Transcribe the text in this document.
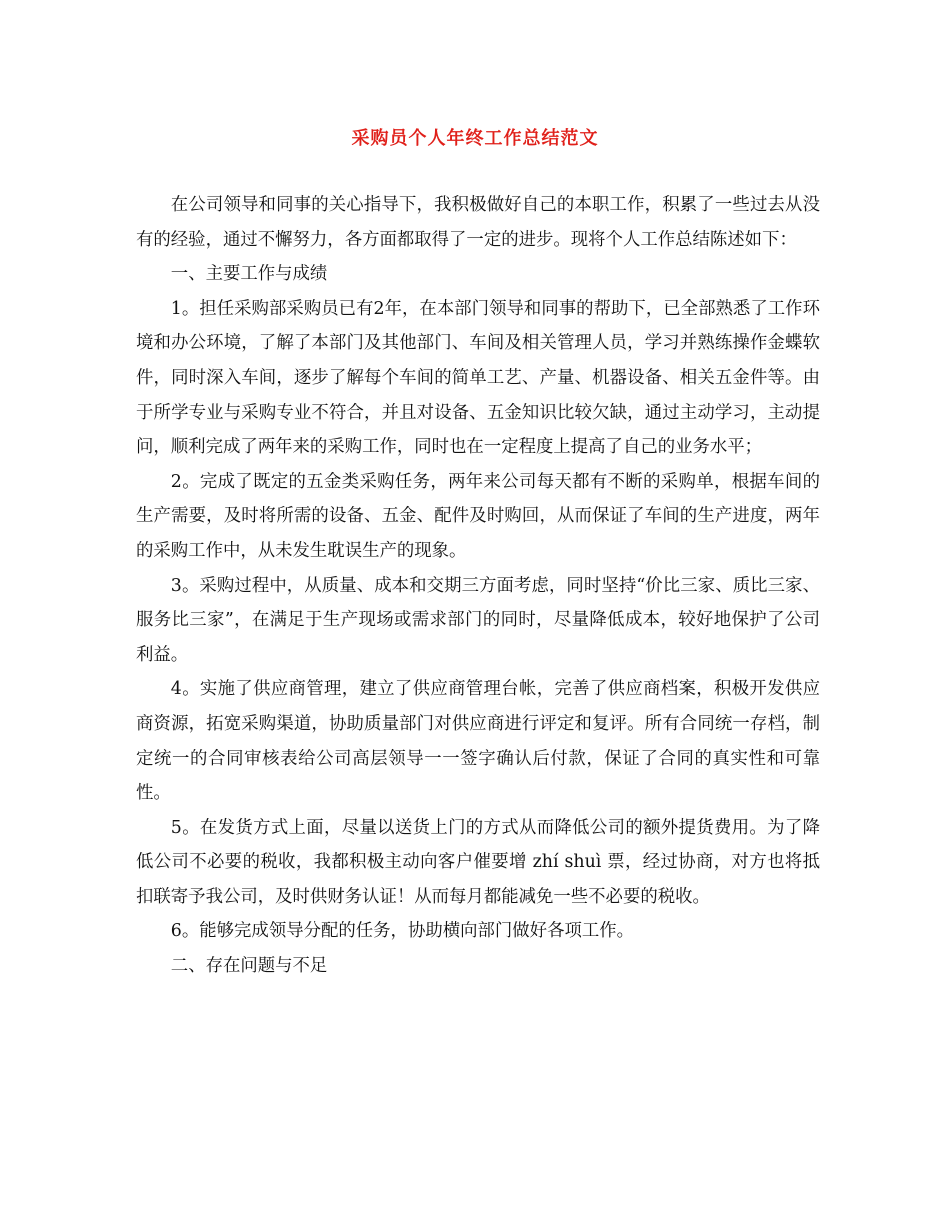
采购员个人年终工作总结范文

在公司领导和同事的关心指导下，我积极做好自己的本职工作，积累了一些过去从没有的经验，通过不懈努力，各方面都取得了一定的进步。现将个人工作总结陈述如下：

一、主要工作与成绩

1。担任采购部采购员已有2年，在本部门领导和同事的帮助下，已全部熟悉了工作环境和办公环境，了解了本部门及其他部门、车间及相关管理人员，学习并熟练操作金蝶软件，同时深入车间，逐步了解每个车间的简单工艺、产量、机器设备、相关五金件等。由于所学专业与采购专业不符合，并且对设备、五金知识比较欠缺，通过主动学习，主动提问，顺利完成了两年来的采购工作，同时也在一定程度上提高了自己的业务水平；

2。完成了既定的五金类采购任务，两年来公司每天都有不断的采购单，根据车间的生产需要，及时将所需的设备、五金、配件及时购回，从而保证了车间的生产进度，两年的采购工作中，从未发生耽误生产的现象。

3。采购过程中，从质量、成本和交期三方面考虑，同时坚持“价比三家、质比三家、服务比三家”，在满足于生产现场或需求部门的同时，尽量降低成本，较好地保护了公司利益。

4。实施了供应商管理，建立了供应商管理台帐，完善了供应商档案，积极开发供应商资源，拓宽采购渠道，协助质量部门对供应商进行评定和复评。所有合同统一存档，制定统一的合同审核表给公司高层领导一一签字确认后付款，保证了合同的真实性和可靠性。

5。在发货方式上面，尽量以送货上门的方式从而降低公司的额外提货费用。为了降低公司不必要的税收，我都积极主动向客户催要增 zhí shuì 票，经过协商，对方也将抵扣联寄予我公司，及时供财务认证！从而每月都能减免一些不必要的税收。

6。能够完成领导分配的任务，协助横向部门做好各项工作。

二、存在问题与不足
